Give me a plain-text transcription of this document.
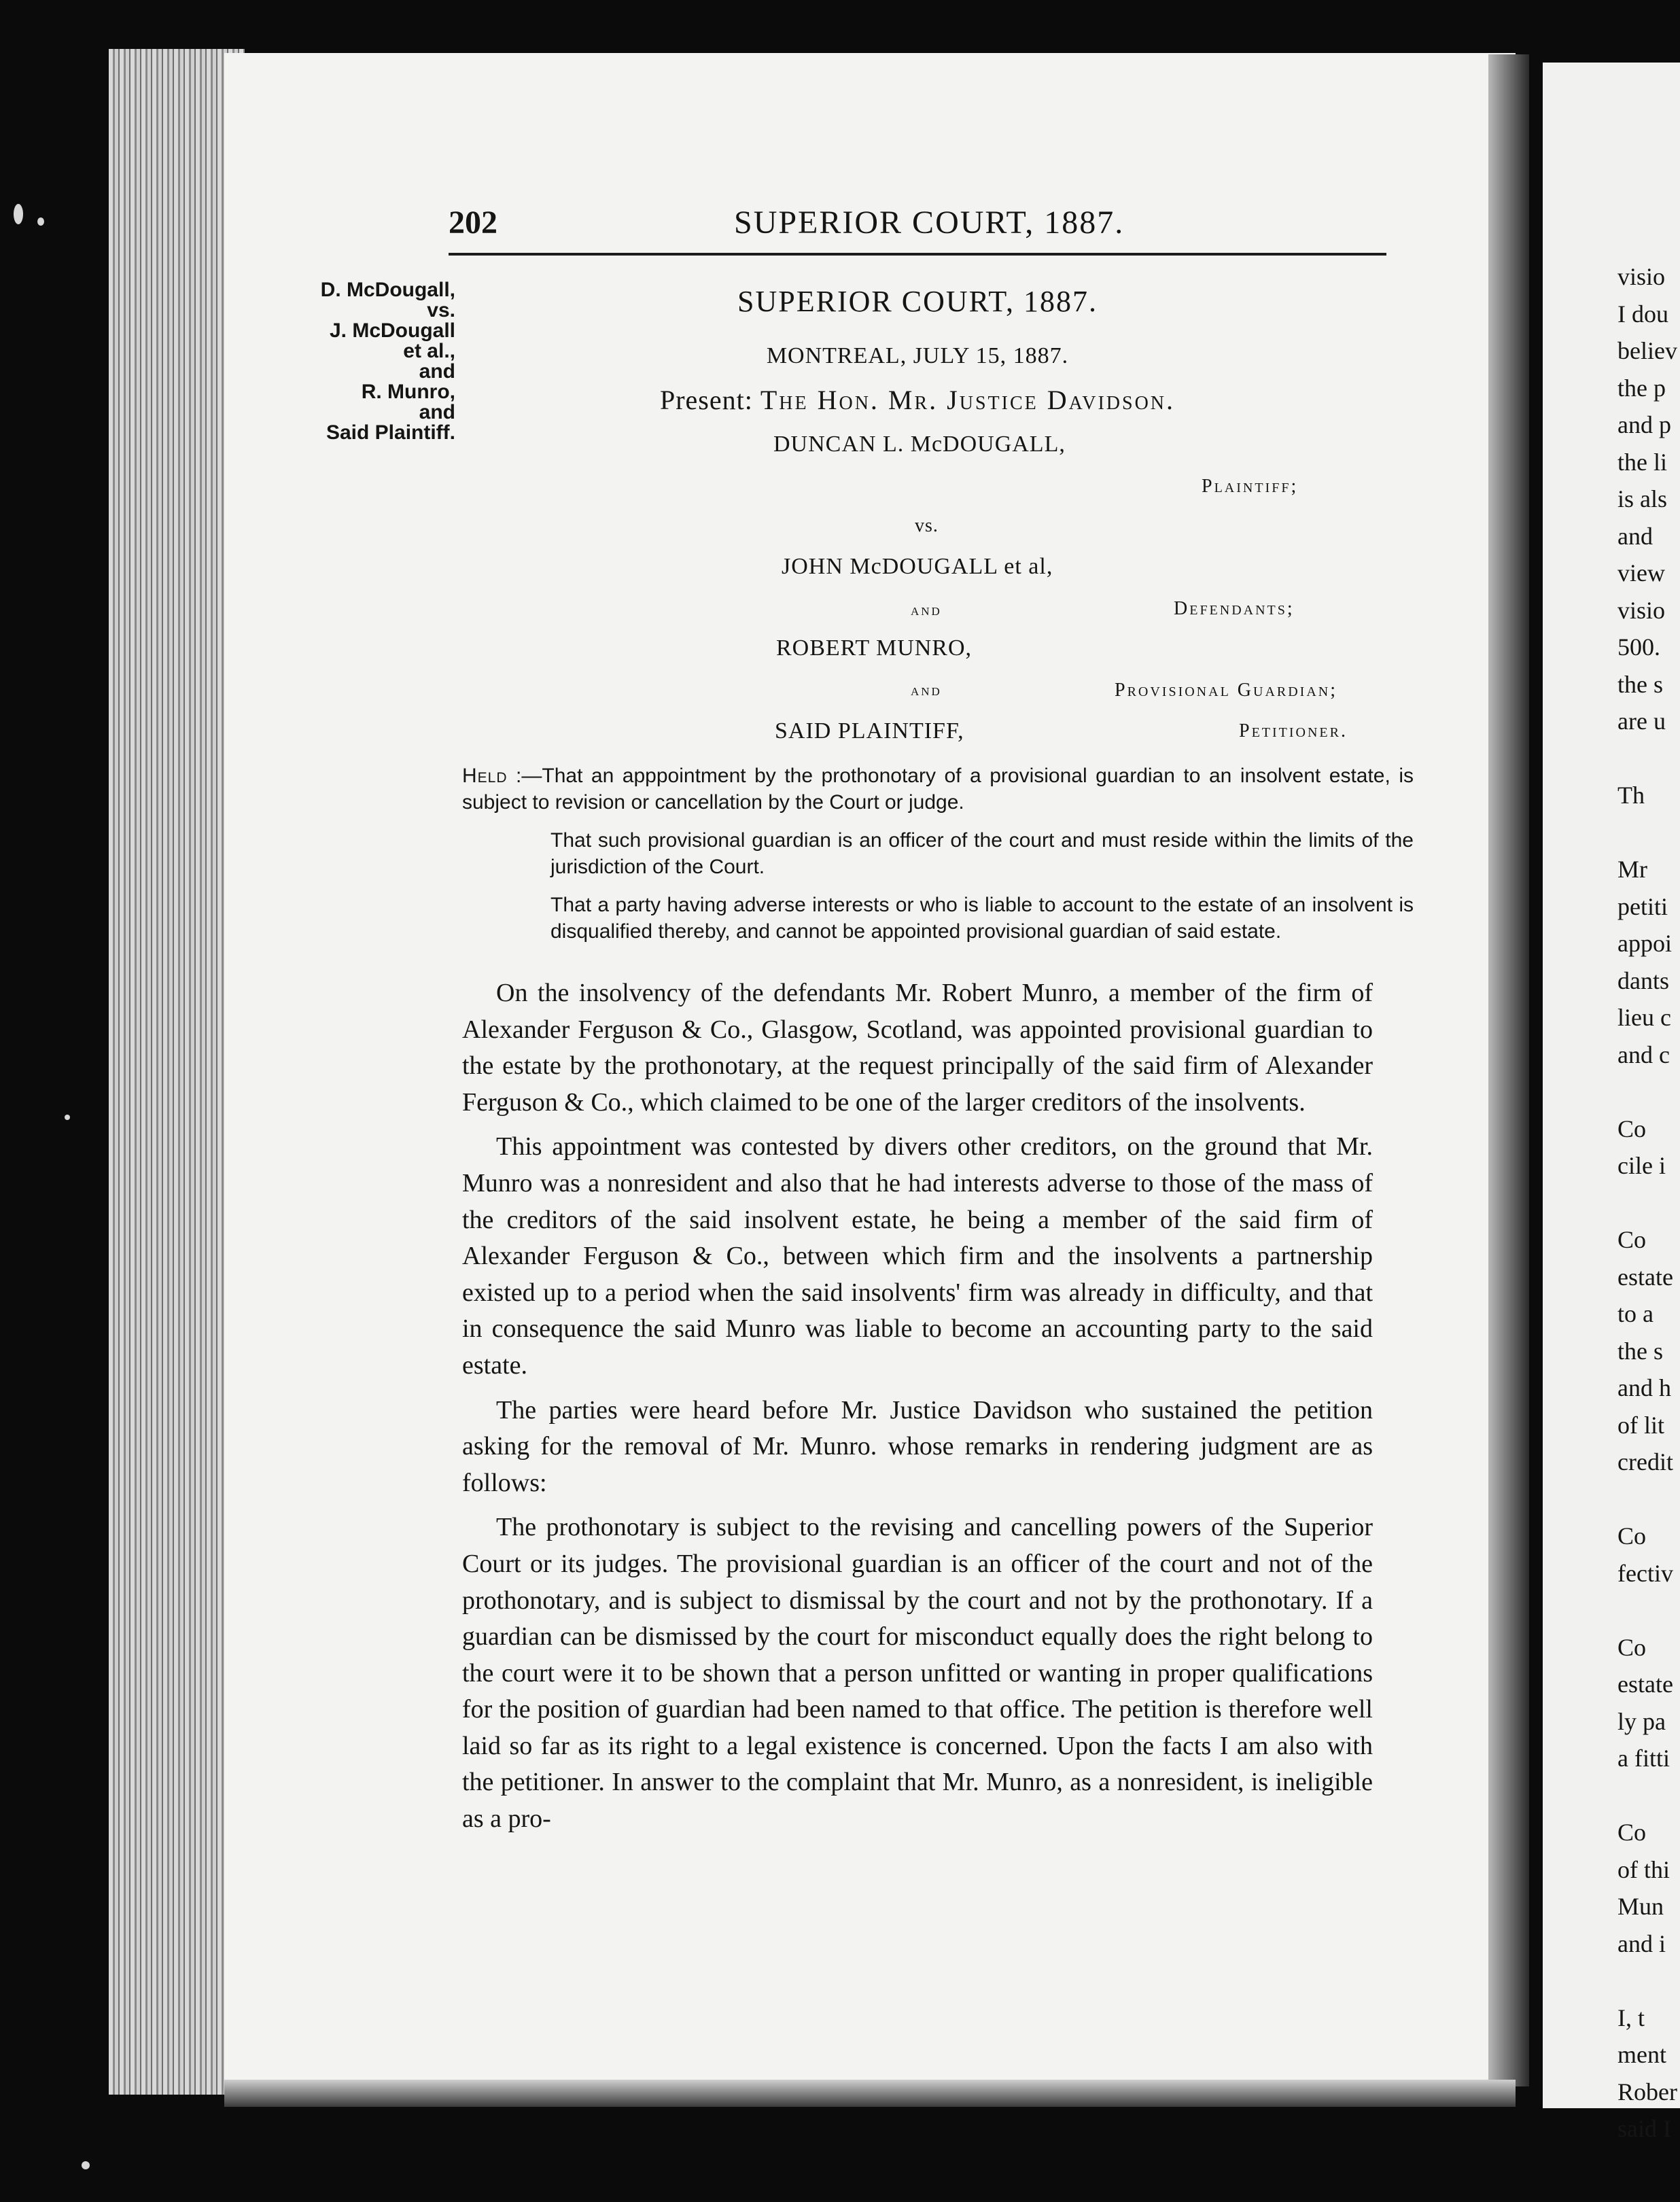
202	SUPERIOR COURT, 1887.
D. McDougall,
vs.
J. McDougall
et al.,
and
R. Munro,
and
Said Plaintiff.
SUPERIOR COURT, 1887.
MONTREAL, JULY 15, 1887.
Present: The Hon. Mr. Justice Davidson.
DUNCAN L. McDOUGALL,
Plaintiff;
vs.
JOHN McDOUGALL et al,
and	Defendants;
ROBERT MUNRO,
and	Provisional Guardian;
SAID PLAINTIFF,	Petitioner.
Held :—That an apppointment by the prothonotary of a provisional guardian to an insolvent estate, is subject to revision or cancellation by the Court or judge.
That such provisional guardian is an officer of the court and must reside within the limits of the jurisdiction of the Court.
That a party having adverse interests or who is liable to account to the estate of an insolvent is disqualified thereby, and cannot be appointed provisional guardian of said estate.

On the insolvency of the defendants Mr. Robert Munro, a member of the firm of Alexander Ferguson & Co., Glasgow, Scotland, was appointed provisional guardian to the estate by the prothonotary, at the request principally of the said firm of Alexander Ferguson & Co., which claimed to be one of the larger creditors of the insolvents.

This appointment was contested by divers other creditors, on the ground that Mr. Munro was a nonresident and also that he had interests adverse to those of the mass of the creditors of the said insolvent estate, he being a member of the said firm of Alexander Ferguson & Co., between which firm and the insolvents a partnership existed up to a period when the said insolvents' firm was already in difficulty, and that in consequence the said Munro was liable to become an accounting party to the said estate.

The parties were heard before Mr. Justice Davidson who sustained the petition asking for the removal of Mr. Munro. whose remarks in rendering judgment are as follows:

The prothonotary is subject to the revising and cancelling powers of the Superior Court or its judges. The provisional guardian is an officer of the court and not of the prothonotary, and is subject to dismissal by the court and not by the prothonotary. If a guardian can be dismissed by the court for misconduct equally does the right belong to the court were it to be shown that a person unfitted or wanting in proper qualifications for the position of guardian had been named to that office. The petition is therefore well laid so far as its right to a legal existence is concerned. Upon the facts I am also with the petitioner. In answer to the complaint that Mr. Munro, as a nonresident, is ineligible as a pro-

visio
I dou
believ
the p
and p
the li
is als
and
view
visio
500.
the s
are u

Th

Mr
petiti
appoi
dants
lieu c
and c

Co
cile i

Co
estate
to a
the s
and h
of lit
credit

Co
fectiv

Co
estate
ly pa
a fitti

Co
of thi
Mun
and i

I, t
ment
Rober
said I
